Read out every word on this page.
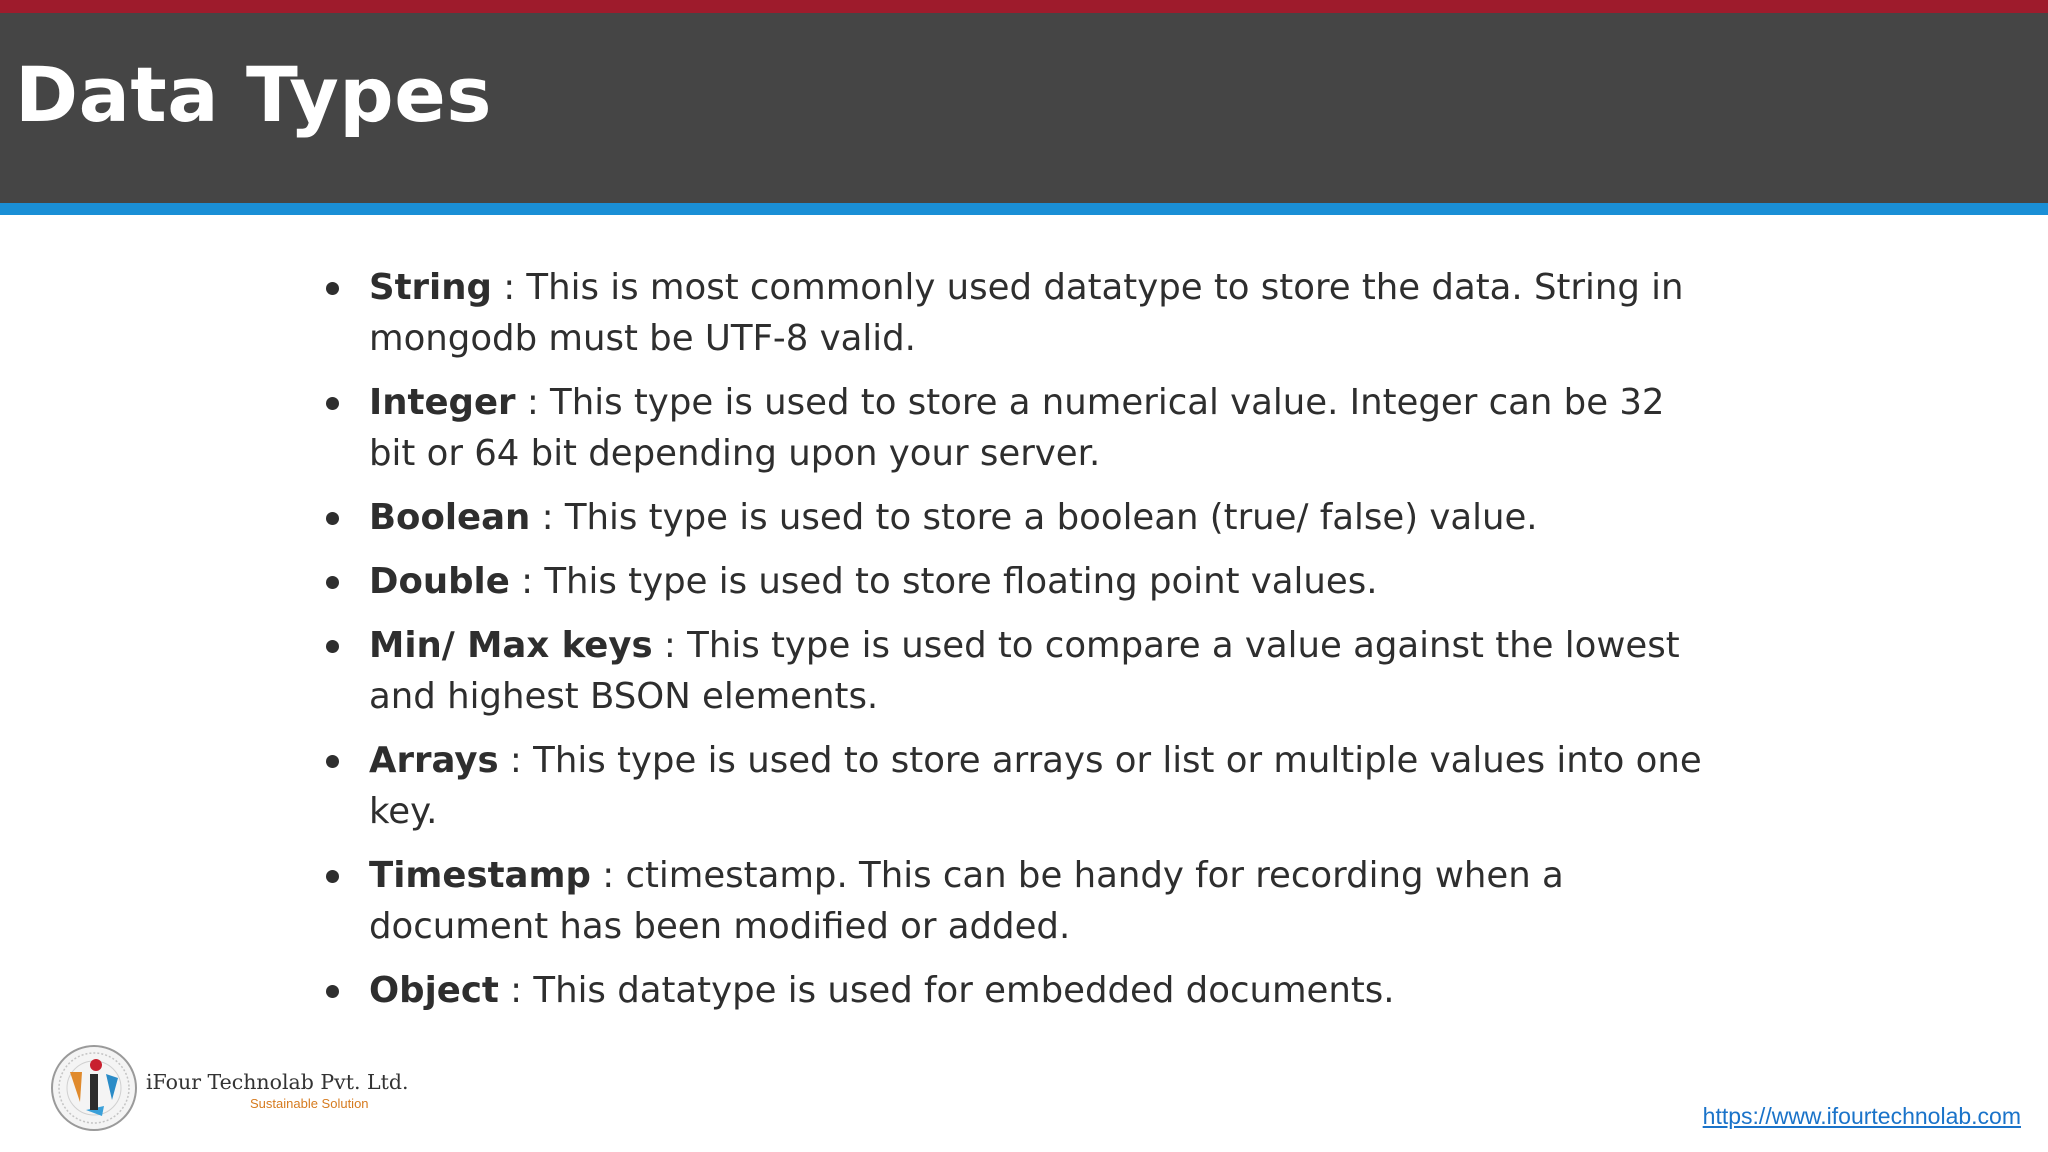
Data Types
String : This is most commonly used datatype to store the data. String in mongodb must be UTF-8 valid.
Integer : This type is used to store a numerical value. Integer can be 32 bit or 64 bit depending upon your server.
Boolean : This type is used to store a boolean (true/ false) value.
Double : This type is used to store floating point values.
Min/ Max keys : This type is used to compare a value against the lowest and highest BSON elements.
Arrays : This type is used to store arrays or list or multiple values into one key.
Timestamp : ctimestamp. This can be handy for recording when a document has been modified or added.
Object : This datatype is used for embedded documents.
iFour Technolab Pvt. Ltd.
Sustainable Solution	https://www.ifourtechnolab.com
